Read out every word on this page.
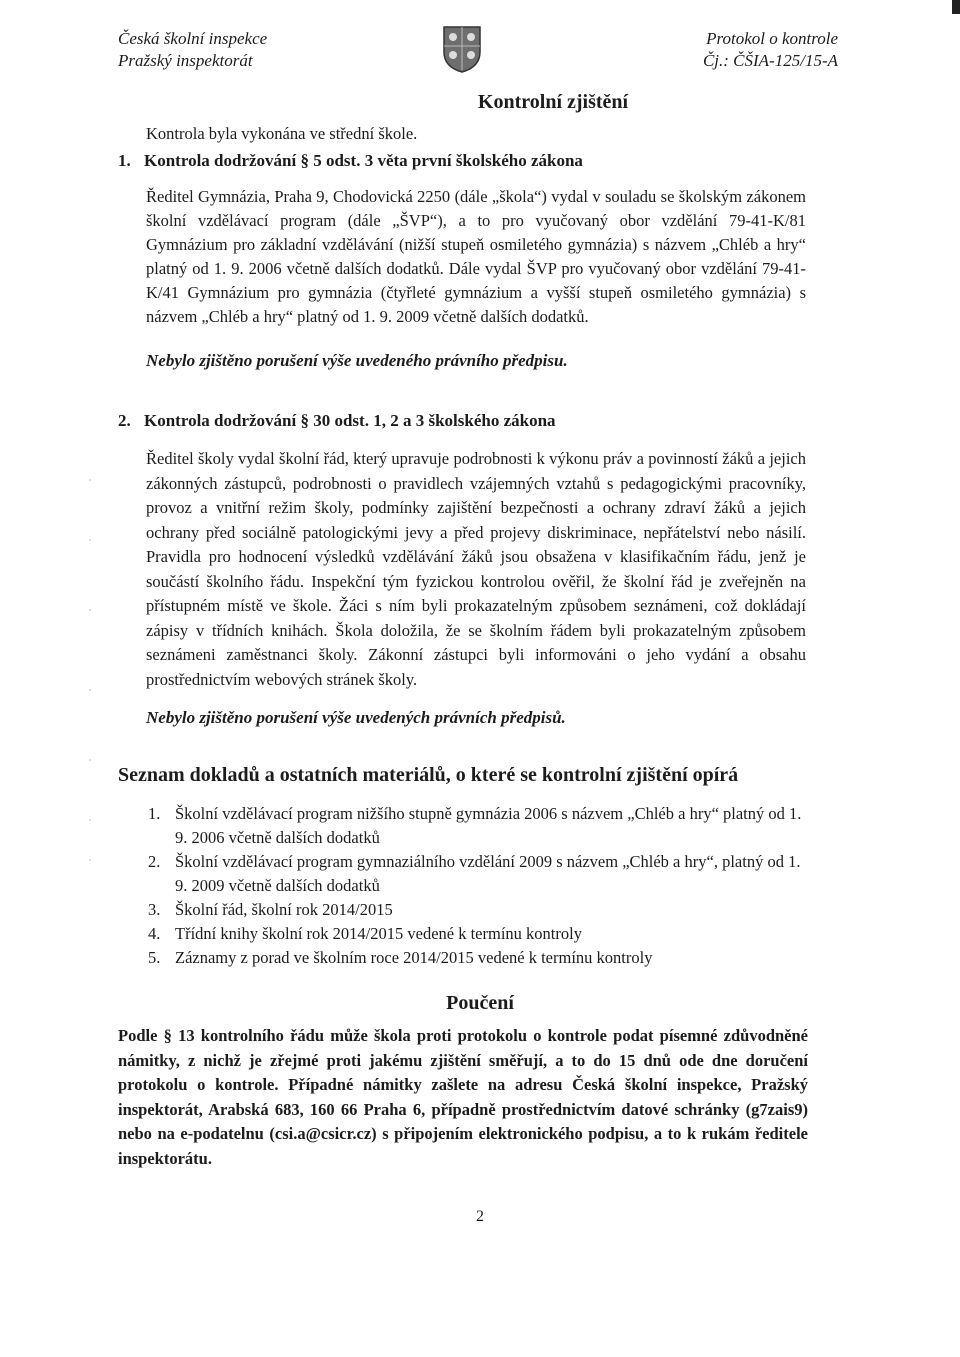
Česká školní inspekce
Pražský inspektorát
Protokol o kontrole
Čj.: ČŠIA-125/15-A
Kontrolní zjištění
Kontrola byla vykonána ve střední škole.
1. Kontrola dodržování § 5 odst. 3 věta první školského zákona
Ředitel Gymnázia, Praha 9, Chodovická 2250 (dále „škola“) vydal v souladu se školským zákonem školní vzdělávací program (dále „ŠVP“), a to pro vyučovaný obor vzdělání 79-41-K/81 Gymnázium pro základní vzdělávání (nižší stupeň osmiletého gymnázia) s názvem „Chléb a hry“ platný od 1. 9. 2006 včetně dalších dodatků. Dále vydal ŠVP pro vyučovaný obor vzdělání 79-41-K/41 Gymnázium pro gymnázia (čtyřleté gymnázium a vyšší stupeň osmiletého gymnázia) s názvem „Chléb a hry“ platný od 1. 9. 2009 včetně dalších dodatků.
Nebylo zjištěno porušení výše uvedeného právního předpisu.
2. Kontrola dodržování § 30 odst. 1, 2 a 3 školského zákona
Ředitel školy vydal školní řád, který upravuje podrobnosti k výkonu práv a povinností žáků a jejich zákonných zástupců, podrobnosti o pravidlech vzájemných vztahů s pedagogickými pracovníky, provoz a vnitřní režim školy, podmínky zajištění bezpečnosti a ochrany zdraví žáků a jejich ochrany před sociálně patologickými jevy a před projevy diskriminace, nepřátelství nebo násilí. Pravidla pro hodnocení výsledků vzdělávání žáků jsou obsažena v klasifikačním řádu, jenž je součástí školního řádu. Inspekční tým fyzickou kontrolou ověřil, že školní řád je zveřejněn na přístupném místě ve škole. Žáci s ním byli prokazatelným způsobem seznámeni, což dokládají zápisy v třídních knihách. Škola doložila, že se školním řádem byli prokazatelným způsobem seznámeni zaměstnanci školy. Zákonní zástupci byli informováni o jeho vydání a obsahu prostřednictvím webových stránek školy.
Nebylo zjištěno porušení výše uvedených právních předpisů.
Seznam dokladů a ostatních materiálů, o které se kontrolní zjištění opírá
1. Školní vzdělávací program nižšího stupně gymnázia 2006 s názvem „Chléb a hry“ platný od 1. 9. 2006 včetně dalších dodatků
2. Školní vzdělávací program gymnaziálního vzdělání 2009 s názvem „Chléb a hry“, platný od 1. 9. 2009 včetně dalších dodatků
3. Školní řád, školní rok 2014/2015
4. Třídní knihy školní rok 2014/2015 vedené k termínu kontroly
5. Záznamy z porad ve školním roce 2014/2015 vedené k termínu kontroly
Poučení
Podle § 13 kontrolního řádu může škola proti protokolu o kontrole podat písemné zdůvodněné námitky, z nichž je zřejmé proti jakému zjištění směřují, a to do 15 dnů ode dne doručení protokolu o kontrole. Případné námitky zašlete na adresu Česká školní inspekce, Pražský inspektorát, Arabská 683, 160 66 Praha 6, případně prostřednictvím datové schránky (g7zais9) nebo na e-podatelnu (csi.a@csicr.cz) s připojením elektronického podpisu, a to k rukám ředitele inspektorátu.
2
